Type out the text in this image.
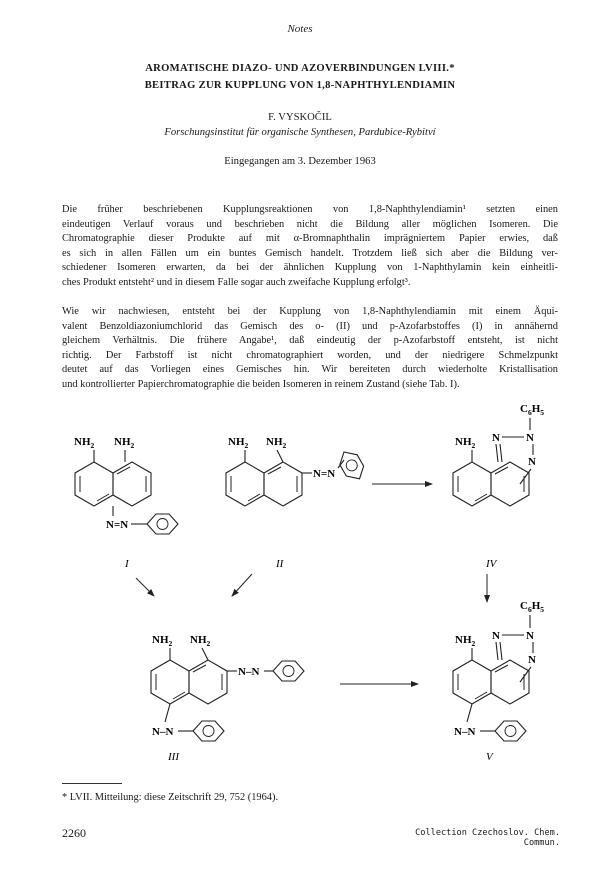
Notes
AROMATISCHE DIAZO- UND AZOVERBINDUNGEN LVIII.*
BEITRAG ZUR KUPPLUNG VON 1,8-NAPHTHYLENDIAMIN
F. VYSKOČIL
Forschungsinstitut für organische Synthesen, Pardubice-Rybitví
Eingegangen am 3. Dezember 1963
Die früher beschriebenen Kupplungsreaktionen von 1,8-Naphthylendiamin¹ setzten einen
eindeutigen Verlauf voraus und beschrieben nicht die Bildung aller möglichen Isomeren. Die
Chromatographie dieser Produkte auf mit α-Bromnaphthalin imprägniertem Papier erwies, daß
es sich in allen Fällen um ein buntes Gemisch handelt. Trotzdem ließ sich aber die Bildung ver-
schiedener Isomeren erwarten, da bei der ähnlichen Kupplung von 1-Naphthylamin kein einheitli-
ches Produkt entsteht² und in diesem Falle sogar auch zweifache Kupplung erfolgt³.
Wie wir nachwiesen, entsteht bei der Kupplung von 1,8-Naphthylendiamin mit einem Äqui-
valent Benzoldiazoniumchlorid das Gemisch des o- (II) und p-Azofarbstoffes (I) in annähernd
gleichem Verhältnis. Die frühere Angabe¹, daß eindeutig der p-Azofarbstoff entsteht, ist nicht
richtig. Der Farbstoff ist nicht chromatographiert worden, und der niedrigere Schmelzpunkt
deutet auf das Vorliegen eines Gemisches hin. Wir bereiteten durch wiederholte Kristallisation
und kontrollierter Papierchromatographie die beiden Isomeren in reinem Zustand (siehe Tab. I).
$NH_2$ $NH_2$
N=N
I
$NH_2$ $NH_2$
N=N
II
$C_6H_5$
$NH_2$
N N
N
IV
$NH_2$ $NH_2$
N–N
N–N
III
$C_6H_5$
$NH_2$
N N
N
N–N
V
* LVII. Mitteilung: diese Zeitschrift 29, 752 (1964).
2260	Collection Czechoslov. Chem. Commun.
